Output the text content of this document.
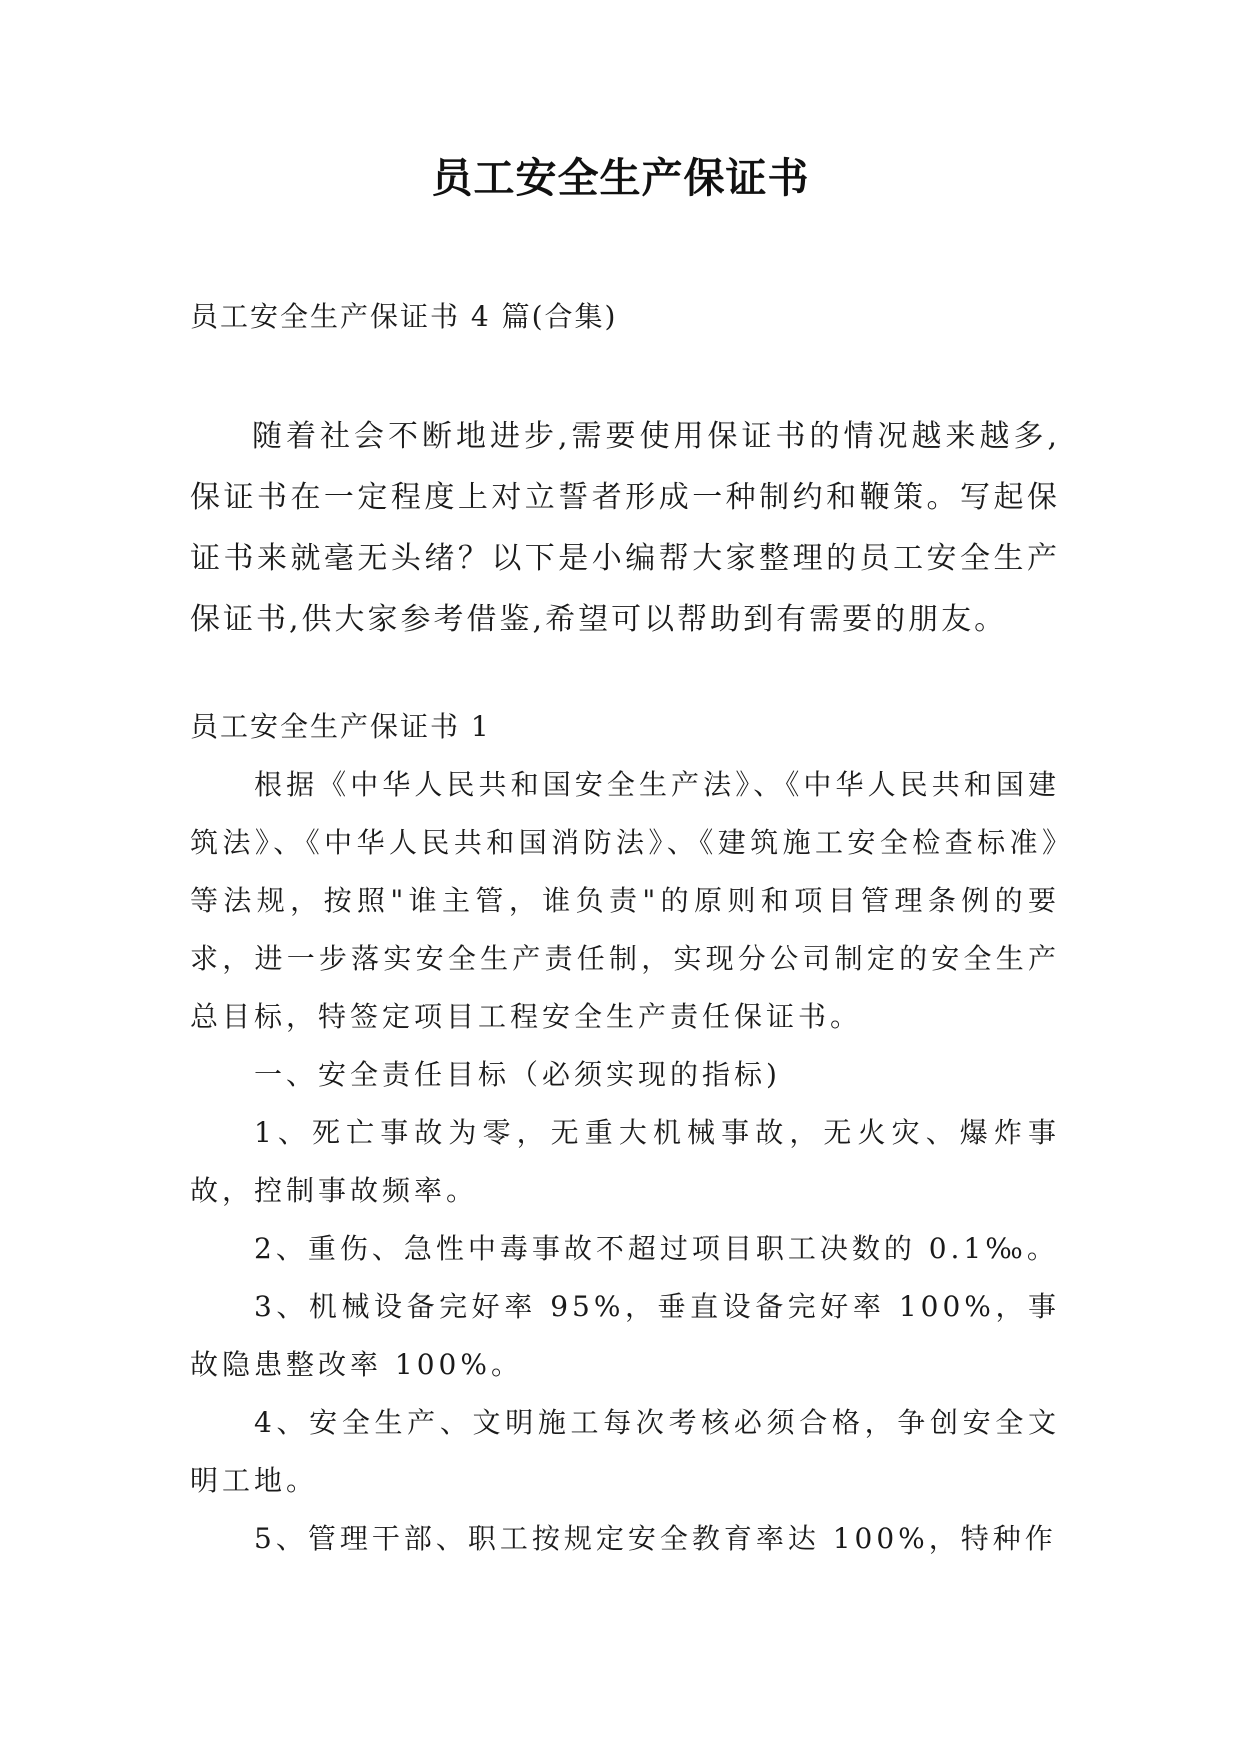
员工安全生产保证书

员工安全生产保证书 4 篇(合集)

随着社会不断地进步,需要使用保证书的情况越来越多,保证书在一定程度上对立誓者形成一种制约和鞭策。写起保证书来就毫无头绪？以下是小编帮大家整理的员工安全生产保证书,供大家参考借鉴,希望可以帮助到有需要的朋友。

员工安全生产保证书 1

根据《中华人民共和国安全生产法》、《中华人民共和国建筑法》、《中华人民共和国消防法》、《建筑施工安全检查标准》等法规，按照"谁主管，谁负责"的原则和项目管理条例的要求，进一步落实安全生产责任制，实现分公司制定的安全生产总目标，特签定项目工程安全生产责任保证书。

一、安全责任目标（必须实现的指标)

1、死亡事故为零，无重大机械事故，无火灾、爆炸事故，控制事故频率。

2、重伤、急性中毒事故不超过项目职工决数的 0.1‰。

3、机械设备完好率 95%，垂直设备完好率 100%，事故隐患整改率 100%。

4、安全生产、文明施工每次考核必须合格，争创安全文明工地。

5、管理干部、职工按规定安全教育率达 100%，特种作
